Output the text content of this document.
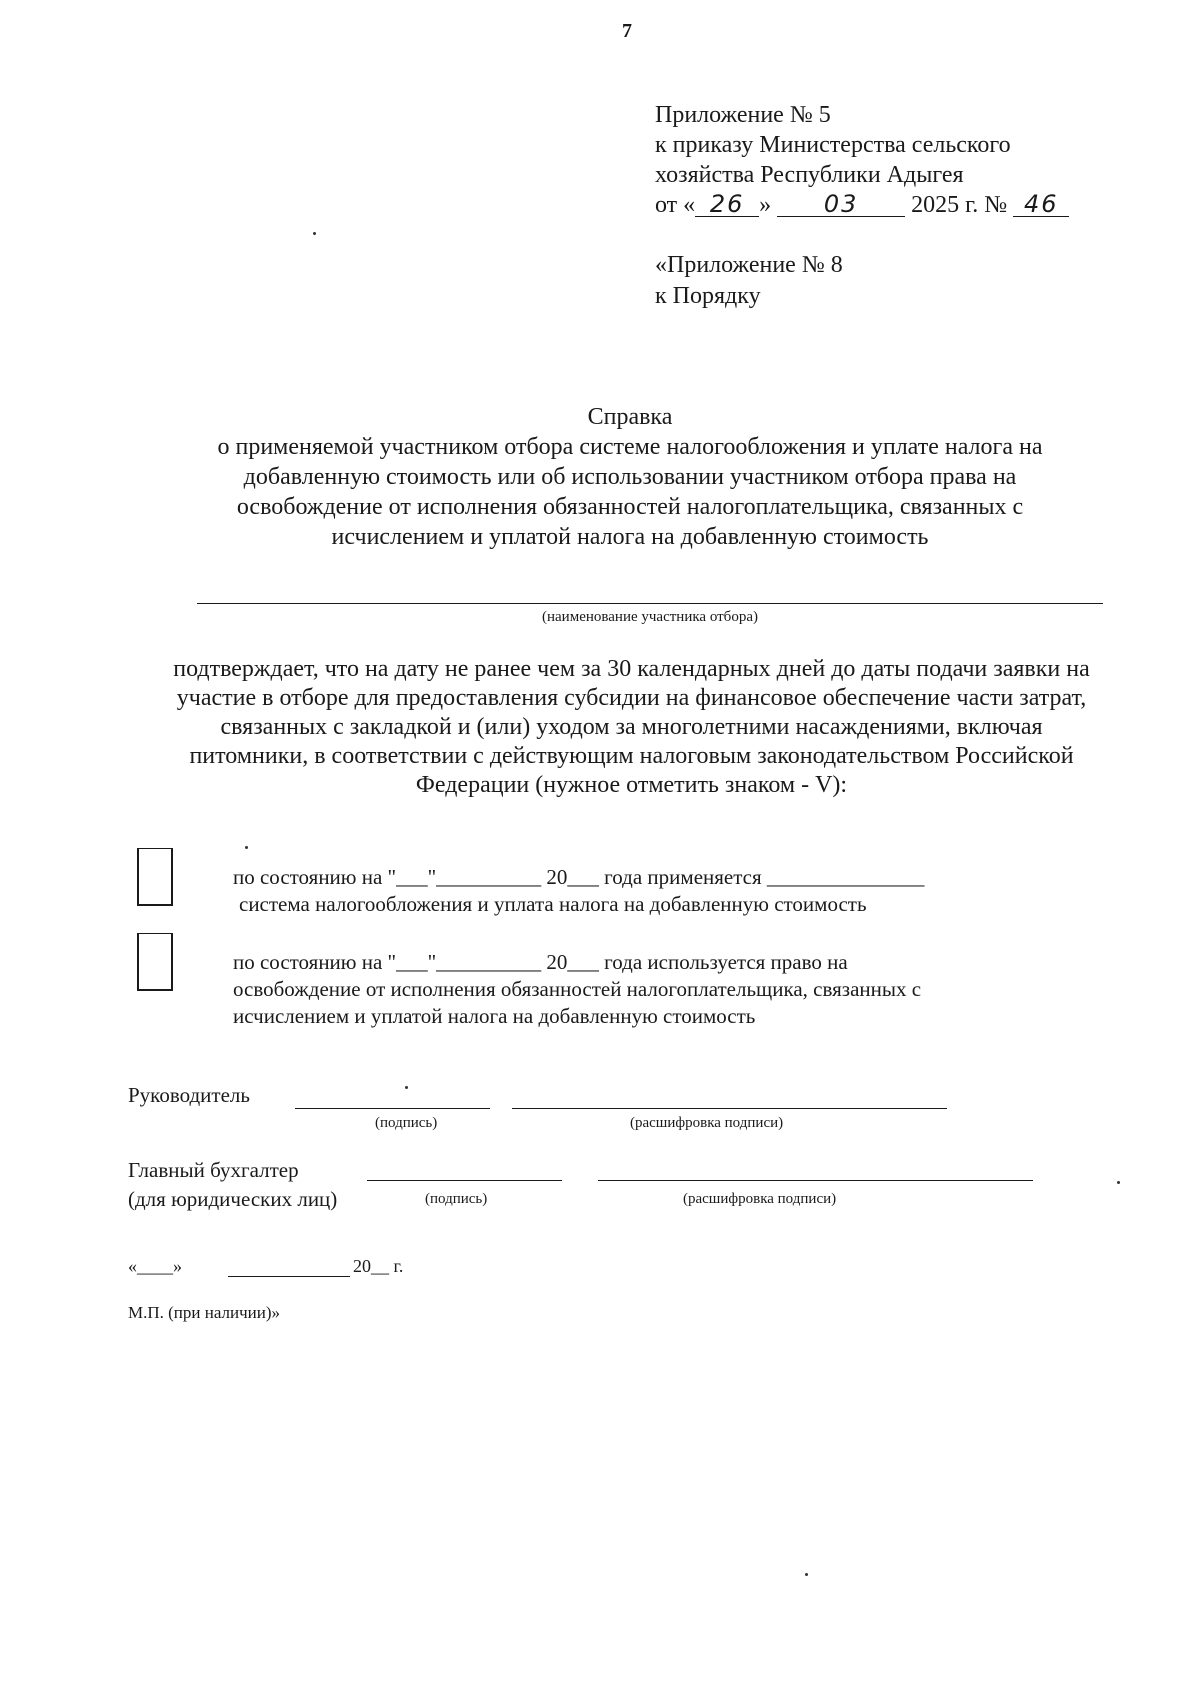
7
Приложение № 5
к приказу Министерства сельского
хозяйства Республики Адыгея
от « 26 » 03 2025 г. № 46
«Приложение № 8
к Порядку
Справка
о применяемой участником отбора системе налогообложения и уплате налога на
добавленную стоимость или об использовании участником отбора права на
освобождение от исполнения обязанностей налогоплательщика, связанных с
исчислением и уплатой налога на добавленную стоимость
(наименование участника отбора)
подтверждает, что на дату не ранее чем за 30 календарных дней до даты подачи заявки на
участие в отборе для предоставления субсидии на финансовое обеспечение части затрат,
связанных с закладкой и (или) уходом за многолетними насаждениями, включая
питомники, в соответствии с действующим налоговым законодательством Российской
Федерации (нужное отметить знаком - V):
по состоянию на "___"__________ 20___ года применяется _______________
система налогообложения и уплата налога на добавленную стоимость
по состоянию на "___"__________ 20___ года используется право на
освобождение от исполнения обязанностей налогоплательщика, связанных с
исчислением и уплатой налога на добавленную стоимость
Руководитель
(подпись)	(расшифровка подписи)
Главный бухгалтер
(для юридических лиц)	(подпись)	(расшифровка подписи)
«____»	20__ г.
М.П. (при наличии)»
